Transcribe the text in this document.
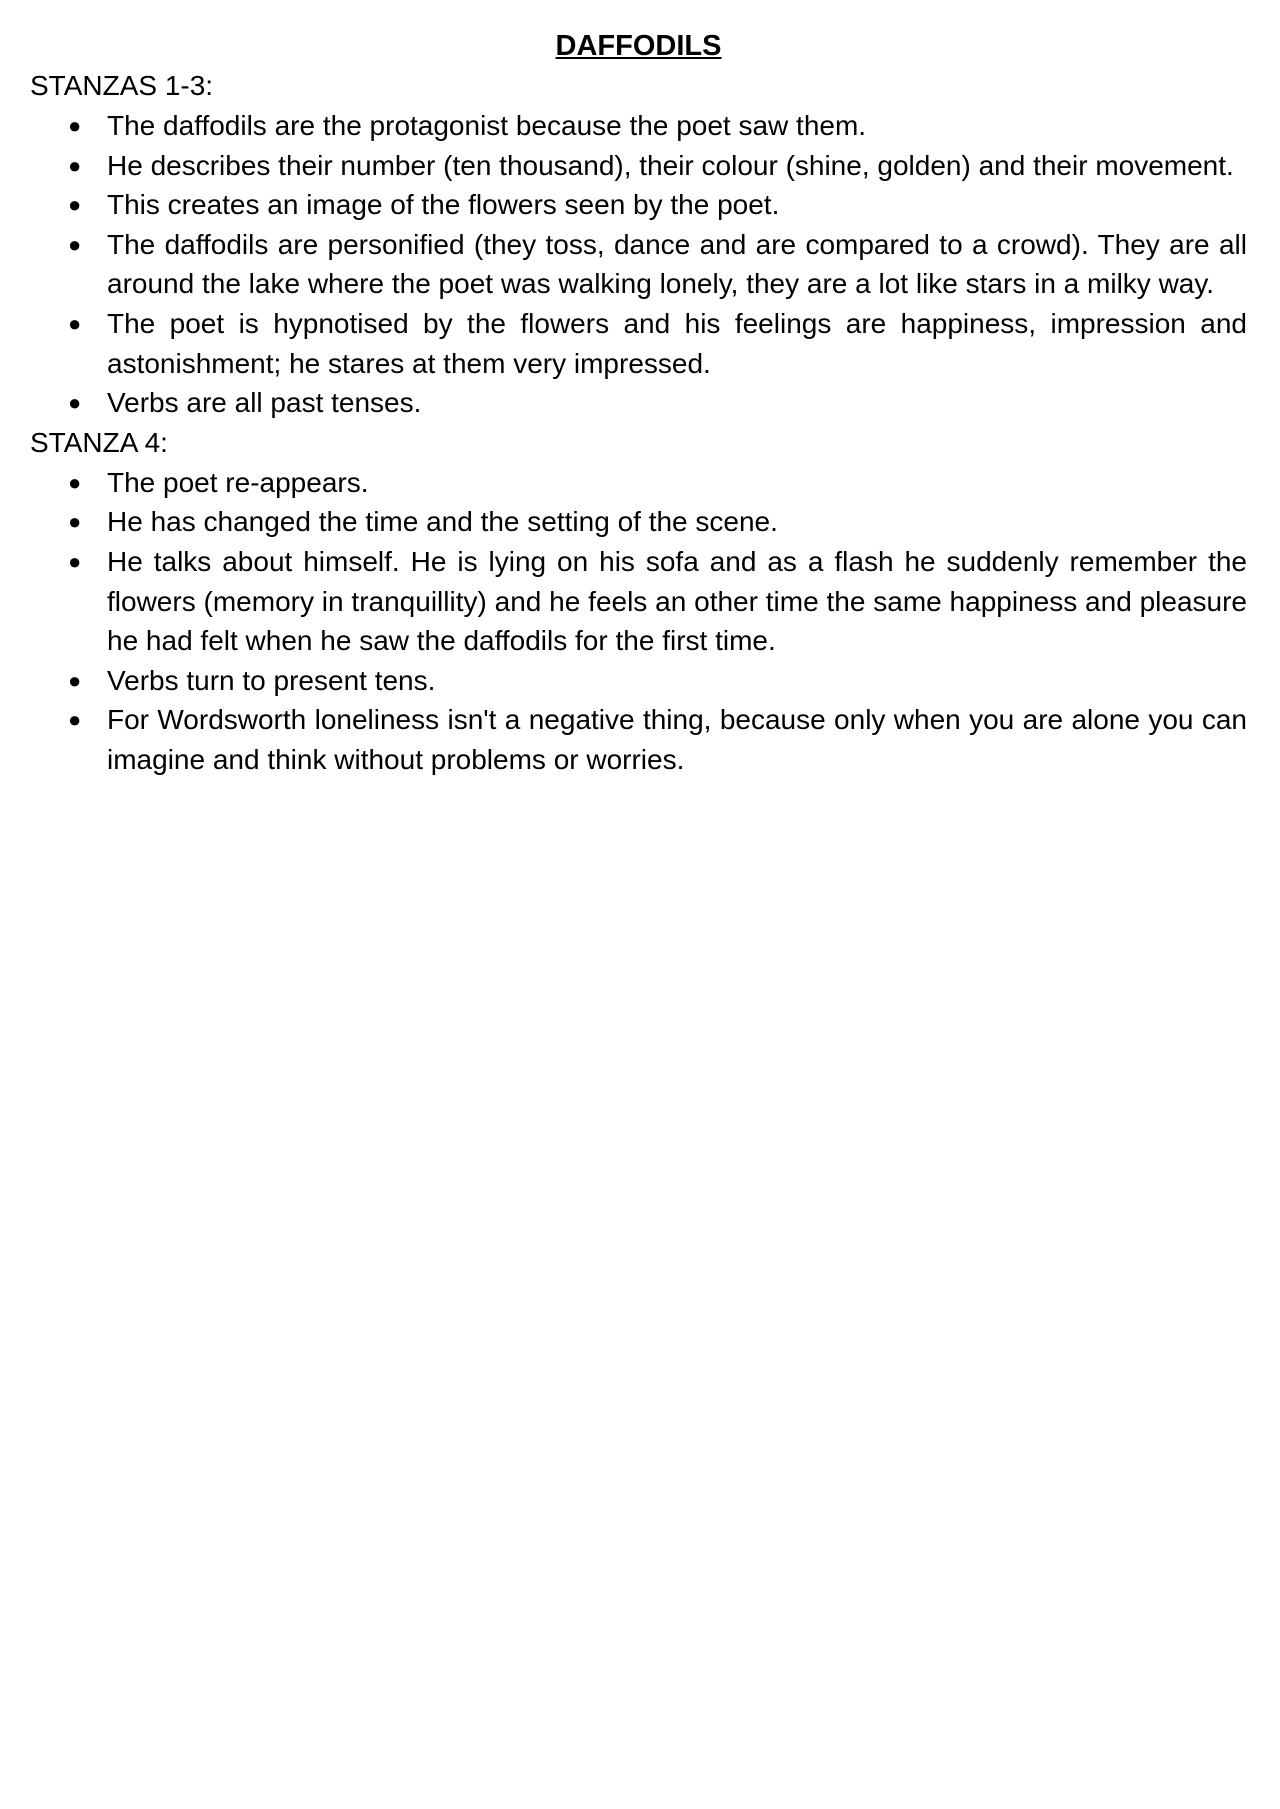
DAFFODILS

STANZAS 1-3:

● The daffodils are the protagonist because the poet saw them.
● He describes their number (ten thousand), their colour (shine, golden) and their movement.
● This creates an image of the flowers seen by the poet.
● The daffodils are personified (they toss, dance and are compared to a crowd). They are all around the lake where the poet was walking lonely, they are a lot like stars in a milky way.
● The poet is hypnotised by the flowers and his feelings are happiness, impression and astonishment; he stares at them very impressed.
● Verbs are all past tenses.

STANZA 4:

● The poet re-appears.
● He has changed the time and the setting of the scene.
● He talks about himself. He is lying on his sofa and as a flash he suddenly remember the flowers (memory in tranquillity) and he feels an other time the same happiness and pleasure he had felt when he saw the daffodils for the first time.
● Verbs turn to present tens.
● For Wordsworth loneliness isn't a negative thing, because only when you are alone you can imagine and think without problems or worries.
